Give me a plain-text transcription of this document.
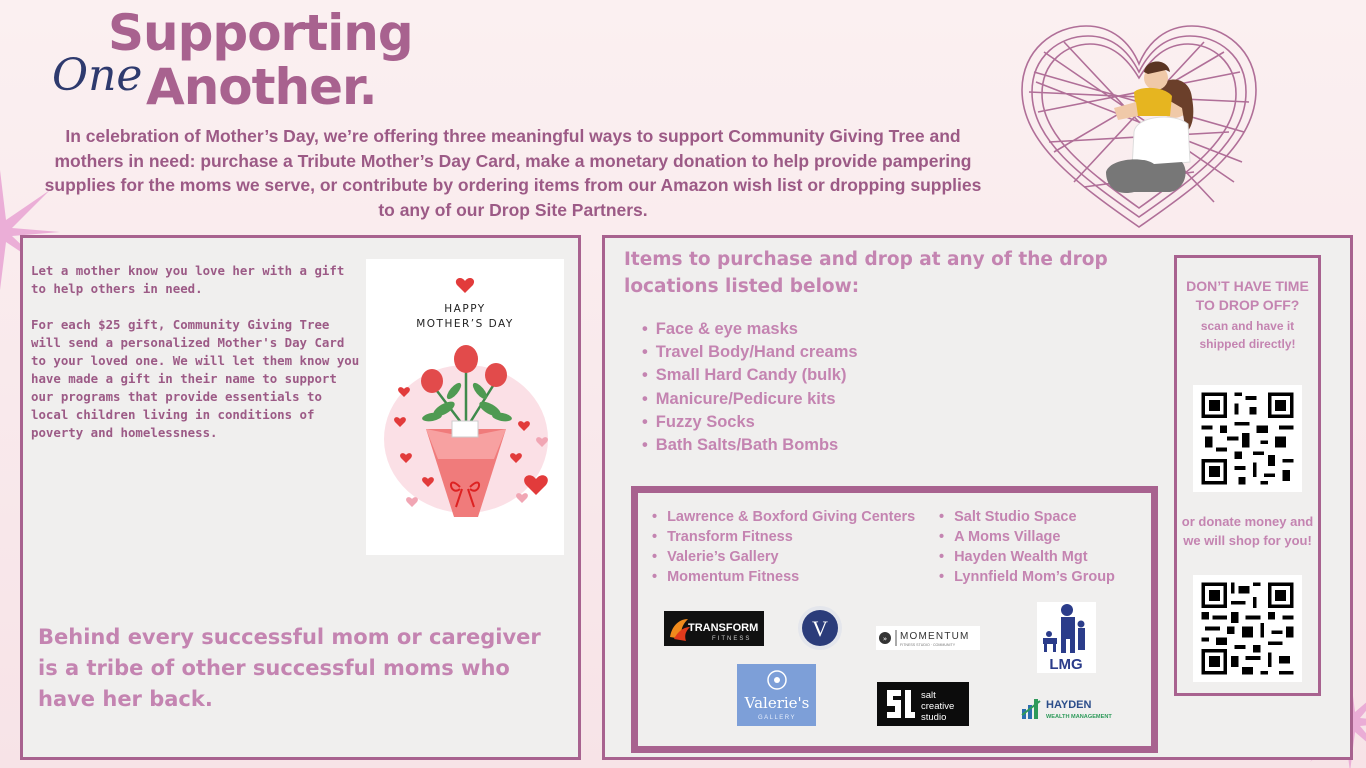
Supporting
One Another.
In celebration of Mother’s Day, we’re offering three meaningful ways to support Community Giving Tree and mothers in need: purchase a Tribute Mother’s Day Card, make a monetary donation to help provide pampering supplies for the moms we serve, or contribute by ordering items from our Amazon wish list or dropping supplies to any of our Drop Site Partners.

Let a mother know you love her with a gift to help others in need.

For each $25 gift, Community Giving Tree will send a personalized Mother's Day Card to your loved one. We will let them know you have made a gift in their name to support our programs that provide essentials to local children living in conditions of poverty and homelessness.

HAPPY
MOTHER’S DAY
Behind every successful mom or caregiver is a tribe of other successful moms who have her back.
Items to purchase and drop at any of the drop locations listed below:
• Face & eye masks
• Travel Body/Hand creams
• Small Hard Candy (bulk)
• Manicure/Pedicure kits
• Fuzzy Socks
• Bath Salts/Bath Bombs
• Lawrence & Boxford Giving Centers
• Transform Fitness
• Valerie’s Gallery
• Momentum Fitness
• Salt Studio Space
• A Moms Village
• Hayden Wealth Mgt
• Lynnfield Mom’s Group
TRANSFORM
FITNESS	V	» MOMENTUM
FITNESS STUDIO · COMMUNITY
LMG
Valerie's
GALLERY
salt
creative
studio
HAYDEN
WEALTH MANAGEMENT
DON’T HAVE TIME TO DROP OFF?
scan and have it shipped directly!
or donate money and we will shop for you!
